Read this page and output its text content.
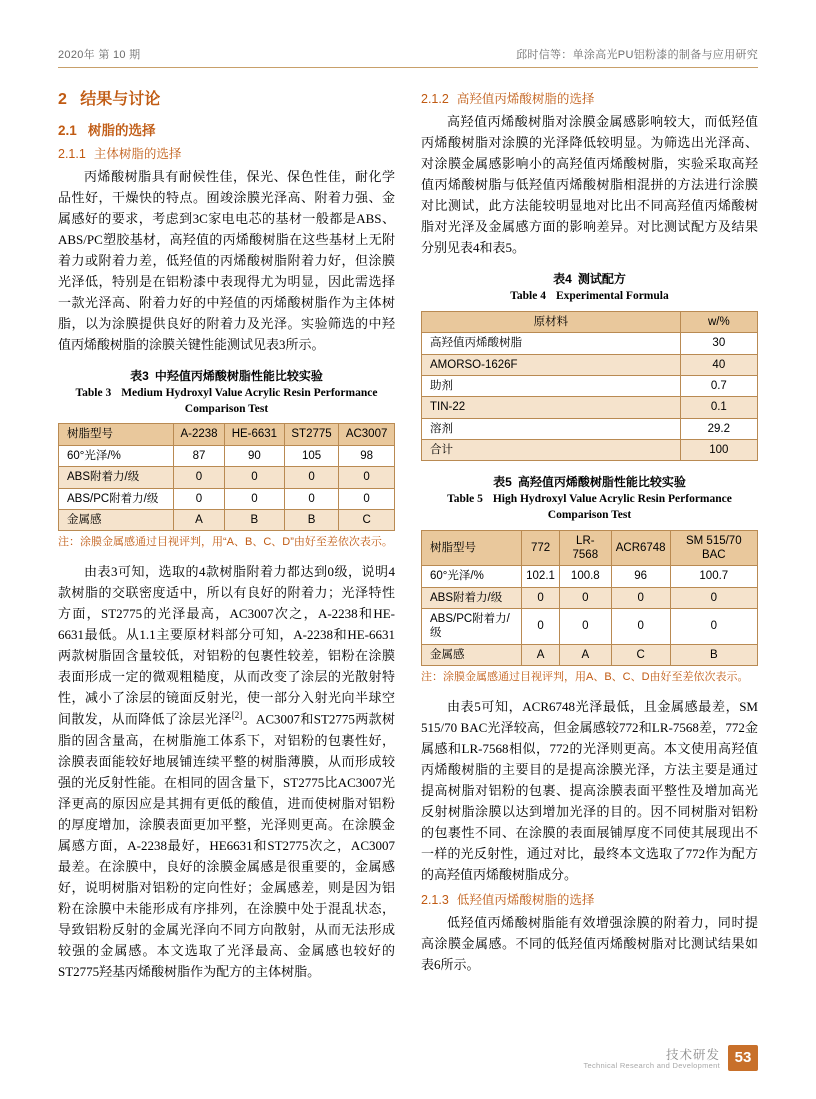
2020年 第 10 期	邱时信等：单涂高光PU铝粉漆的制备与应用研究
2 结果与讨论
2.1 树脂的选择
2.1.1 主体树脂的选择

丙烯酸树脂具有耐候性佳，保光、保色性佳，耐化学品性好，干燥快的特点。囿竣涂膜光泽高、附着力强、金属感好的要求，考虑到3C家电电芯的基材一般都是ABS、ABS/PC塑胶基材，高羟值的丙烯酸树脂在这些基材上无附着力或附着力差，低羟值的丙烯酸树脂附着力好，但涂膜光泽低，特别是在铝粉漆中表现得尤为明显，因此需选择一款光泽高、附着力好的中羟值的丙烯酸树脂作为主体树脂，以为涂膜提供良好的附着力及光泽。实验筛选的中羟值丙烯酸树脂的涂膜关键性能测试见表3所示。

表3 中羟值丙烯酸树脂性能比较实验
Table 3 Medium Hydroxyl Value Acrylic Resin Performance Comparison Test
树脂型号	A-2238	HE-6631	ST2775	AC3007
60°光泽/%	87	90	105	98
ABS附着力/级	0	0	0	0
ABS/PC附着力/级	0	0	0	0
金属感	A	B	B	C
注：涂膜金属感通过目视评判，用“A、B、C、D”由好至差依次表示。

由表3可知，选取的4款树脂附着力都达到0级，说明4款树脂的交联密度适中，所以有良好的附着力；光泽特性方面，ST2775的光泽最高，AC3007次之，A-2238和HE-6631最低。从1.1主要原材料部分可知，A-2238和HE-6631两款树脂固含量较低，对铝粉的包裹性较差，铝粉在涂膜表面形成一定的微观粗糙度，从而改变了涂层的光散射特性，减小了涂层的镜面反射光，使一部分入射光向半球空间散发，从而降低了涂层光泽[2]。AC3007和ST2775两款树脂的固含量高，在树脂施工体系下，对铝粉的包裹性好，涂膜表面能较好地展铺连续平整的树脂薄膜，从而形成较强的光反射性能。在相同的固含量下，ST2775比AC3007光泽更高的原因应是其拥有更低的酸值，进而使树脂对铝粉的厚度增加，涂膜表面更加平整，光泽则更高。在涂膜金属感方面，A-2238最好，HE6631和ST2775次之，AC3007最差。在涂膜中，良好的涂膜金属感是很重要的，金属感好，说明树脂对铝粉的定向性好；金属感差，则是因为铝粉在涂膜中未能形成有序排列，在涂膜中处于混乱状态，导致铝粉反射的金属光泽向不同方向散射，从而无法形成较强的金属感。本文选取了光泽最高、金属感也较好的ST2775羟基丙烯酸树脂作为配方的主体树脂。

2.1.2 高羟值丙烯酸树脂的选择

高羟值丙烯酸树脂对涂膜金属感影响较大，而低羟值丙烯酸树脂对涂膜的光泽降低较明显。为筛选出光泽高、对涂膜金属感影响小的高羟值丙烯酸树脂，实验采取高羟值丙烯酸树脂与低羟值丙烯酸树脂相混拼的方法进行涂膜对比测试，此方法能较明显地对比出不同高羟值丙烯酸树脂对光泽及金属感方面的影响差异。对比测试配方及结果分别见表4和表5。

表4 测试配方
Table 4 Experimental Formula
原材料	w/%
高羟值丙烯酸树脂	30
AMORSO-1626F	40
助剂	0.7
TIN-22	0.1
溶剂	29.2
合计	100
表5 高羟值丙烯酸树脂性能比较实验
Table 5 High Hydroxyl Value Acrylic Resin Performance Comparison Test
树脂型号	772	LR-7568	ACR6748	SM 515/70 BAC
60°光泽/%	102.1	100.8	96	100.7
ABS附着力/级	0	0	0	0
ABS/PC附着力/级	0	0	0	0
金属感	A	A	C	B
注：涂膜金属感通过目视评判，用A、B、C、D由好至差依次表示。

由表5可知，ACR6748光泽最低，且金属感最差，SM 515/70 BAC光泽较高，但金属感较772和LR-7568差，772金属感和LR-7568相似，772的光泽则更高。本文使用高羟值丙烯酸树脂的主要目的是提高涂膜光泽，方法主要是通过提高树脂对铝粉的包裹、提高涂膜表面平整性及增加高光反射树脂涂膜以达到增加光泽的目的。因不同树脂对铝粉的包裹性不同、在涂膜的表面展铺厚度不同使其展现出不一样的光反射性，通过对比，最终本文选取了772作为配方的高羟值丙烯酸树脂成分。

2.1.3 低羟值丙烯酸树脂的选择

低羟值丙烯酸树脂能有效增强涂膜的附着力，同时提高涂膜金属感。不同的低羟值丙烯酸树脂对比测试结果如表6所示。

技术研发
Technical Research and Development 53
